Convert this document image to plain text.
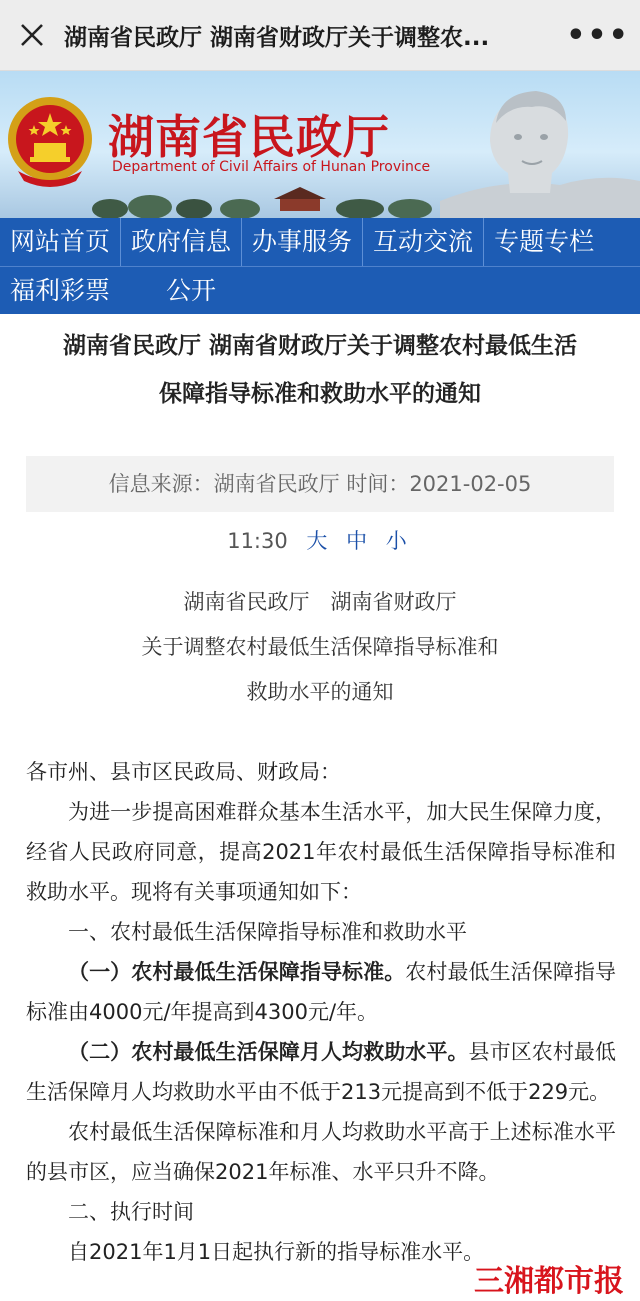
湖南省民政厅 湖南省财政厅关于调整农...	•••
湖南省民政厅
Department of Civil Affairs of Hunan Province
网站首页 政府信息 办事服务 互动交流 专题专栏
福利彩票	公开
湖南省民政厅 湖南省财政厅关于调整农村最低生活
保障指导标准和救助水平的通知
信息来源：湖南省民政厅 时间：2021-02-05
11:30 大 中 小
湖南省民政厅　湖南省财政厅
关于调整农村最低生活保障指导标准和
救助水平的通知

各市州、县市区民政局、财政局：

为进一步提高困难群众基本生活水平，加大民生保障力度，经省人民政府同意，提高2021年农村最低生活保障指导标准和救助水平。现将有关事项通知如下：

一、农村最低生活保障指导标准和救助水平

（一）农村最低生活保障指导标准。农村最低生活保障指导标准由4000元/年提高到4300元/年。

（二）农村最低生活保障月人均救助水平。县市区农村最低生活保障月人均救助水平由不低于213元提高到不低于229元。

农村最低生活保障标准和月人均救助水平高于上述标准水平的县市区，应当确保2021年标准、水平只升不降。

二、执行时间

自2021年1月1日起执行新的指导标准水平。

三湘都市报
